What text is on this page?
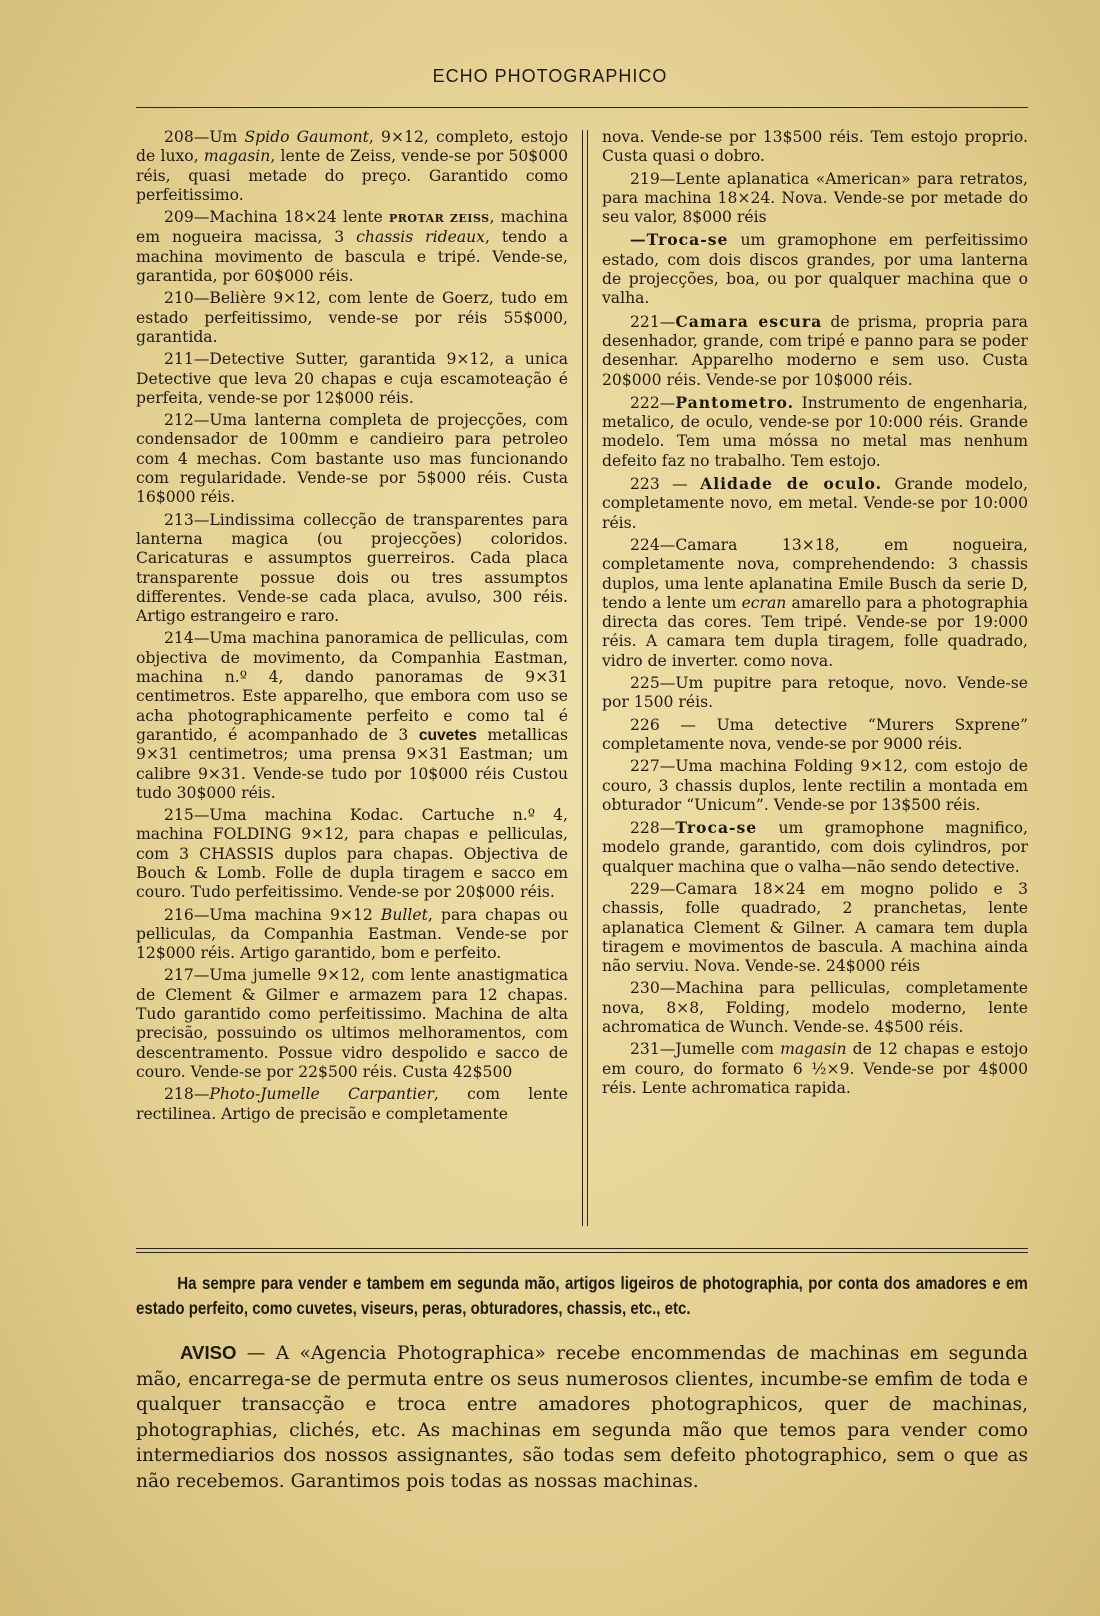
ECHO PHOTOGRAPHICO

208—Um Spido Gaumont, 9×12, completo, estojo de luxo, magasin, lente de Zeiss, vende-se por 50$000 réis, quasi metade do preço. Garantido como perfeitissimo.

209—Machina 18×24 lente PROTAR ZEISS, machina em nogueira macissa, 3 chassis rideaux, tendo a machina movimento de bascula e tripé. Vende-se, garantida, por 60$000 réis.

210—Belière 9×12, com lente de Goerz, tudo em estado perfeitissimo, vende-se por réis 55$000, garantida.

211—Detective Sutter, garantida 9×12, a unica Detective que leva 20 chapas e cuja escamoteação é perfeita, vende-se por 12$000 réis.

212—Uma lanterna completa de projecções, com condensador de 100mm e candieiro para petroleo com 4 mechas. Com bastante uso mas funcionando com regularidade. Vende-se por 5$000 réis. Custa 16$000 réis.

213—Lindissima collecção de transparentes para lanterna magica (ou projecções) coloridos. Caricaturas e assumptos guerreiros. Cada placa transparente possue dois ou tres assumptos differentes. Vende-se cada placa, avulso, 300 réis. Artigo estrangeiro e raro.

214—Uma machina panoramica de pelliculas, com objectiva de movimento, da Companhia Eastman, machina n.º 4, dando panoramas de 9×31 centimetros. Este apparelho, que embora com uso se acha photographicamente perfeito e como tal é garantido, é acompanhado de 3 cuvetes metallicas 9×31 centimetros; uma prensa 9×31 Eastman; um calibre 9×31. Vende-se tudo por 10$000 réis Custou tudo 30$000 réis.

215—Uma machina Kodac. Cartuche n.º 4, machina FOLDING 9×12, para chapas e pelliculas, com 3 CHASSIS duplos para chapas. Objectiva de Bouch & Lomb. Folle de dupla tiragem e sacco em couro. Tudo perfeitissimo. Vende-se por 20$000 réis.

216—Uma machina 9×12 Bullet, para chapas ou pelliculas, da Companhia Eastman. Vende-se por 12$000 réis. Artigo garantido, bom e perfeito.

217—Uma jumelle 9×12, com lente anastigmatica de Clement & Gilmer e armazem para 12 chapas. Tudo garantido como perfeitissimo. Machina de alta precisão, possuindo os ultimos melhoramentos, com descentramento. Possue vidro despolido e sacco de couro. Vende-se por 22$500 réis. Custa 42$500

218—Photo-Jumelle Carpantier, com lente rectilinea. Artigo de precisão e completamente

nova. Vende-se por 13$500 réis. Tem estojo proprio. Custa quasi o dobro.

219—Lente aplanatica «American» para retratos, para machina 18×24. Nova. Vende-se por metade do seu valor, 8$000 réis

—Troca-se um gramophone em perfeitissimo estado, com dois discos grandes, por uma lanterna de projecções, boa, ou por qualquer machina que o valha.

221—Camara escura de prisma, propria para desenhador, grande, com tripé e panno para se poder desenhar. Apparelho moderno e sem uso. Custa 20$000 réis. Vende-se por 10$000 réis.

222—Pantometro. Instrumento de engenharia, metalico, de oculo, vende-se por 10:000 réis. Grande modelo. Tem uma móssa no metal mas nenhum defeito faz no trabalho. Tem estojo.

223 — Alidade de oculo. Grande modelo, completamente novo, em metal. Vende-se por 10:000 réis.

224—Camara 13×18, em nogueira, completamente nova, comprehendendo: 3 chassis duplos, uma lente aplanatina Emile Busch da serie D, tendo a lente um ecran amarello para a photographia directa das cores. Tem tripé. Vende-se por 19:000 réis. A camara tem dupla tiragem, folle quadrado, vidro de inverter. como nova.

225—Um pupitre para retoque, novo. Vende-se por 1500 réis.

226 — Uma detective “Murers Sxprene” completamente nova, vende-se por 9000 réis.

227—Uma machina Folding 9×12, com estojo de couro, 3 chassis duplos, lente rectilin a montada em obturador “Unicum”. Vende-se por 13$500 réis.

228—Troca-se um gramophone magnifico, modelo grande, garantido, com dois cylindros, por qualquer machina que o valha—não sendo detective.

229—Camara 18×24 em mogno polido e 3 chassis, folle quadrado, 2 pranchetas, lente aplanatica Clement & Gilner. A camara tem dupla tiragem e movimentos de bascula. A machina ainda não serviu. Nova. Vende-se. 24$000 réis

230—Machina para pelliculas, completamente nova, 8×8, Folding, modelo moderno, lente achromatica de Wunch. Vende-se. 4$500 réis.

231—Jumelle com magasin de 12 chapas e estojo em couro, do formato 6 ½×9. Vende-se por 4$000 réis. Lente achromatica rapida.

Ha sempre para vender e tambem em segunda mão, artigos ligeiros de photographia, por conta dos amadores e em estado perfeito, como cuvetes, viseurs, peras, obturadores, chassis, etc., etc.

AVISO — A «Agencia Photographica» recebe encommendas de machinas em segunda mão, encarrega-se de permuta entre os seus numerosos clientes, incumbe-se emfim de toda e qualquer transacção e troca entre amadores photographicos, quer de machinas, photographias, clichés, etc. As machinas em segunda mão que temos para vender como intermediarios dos nossos assignantes, são todas sem defeito photographico, sem o que as não recebemos. Garantimos pois todas as nossas machinas.
